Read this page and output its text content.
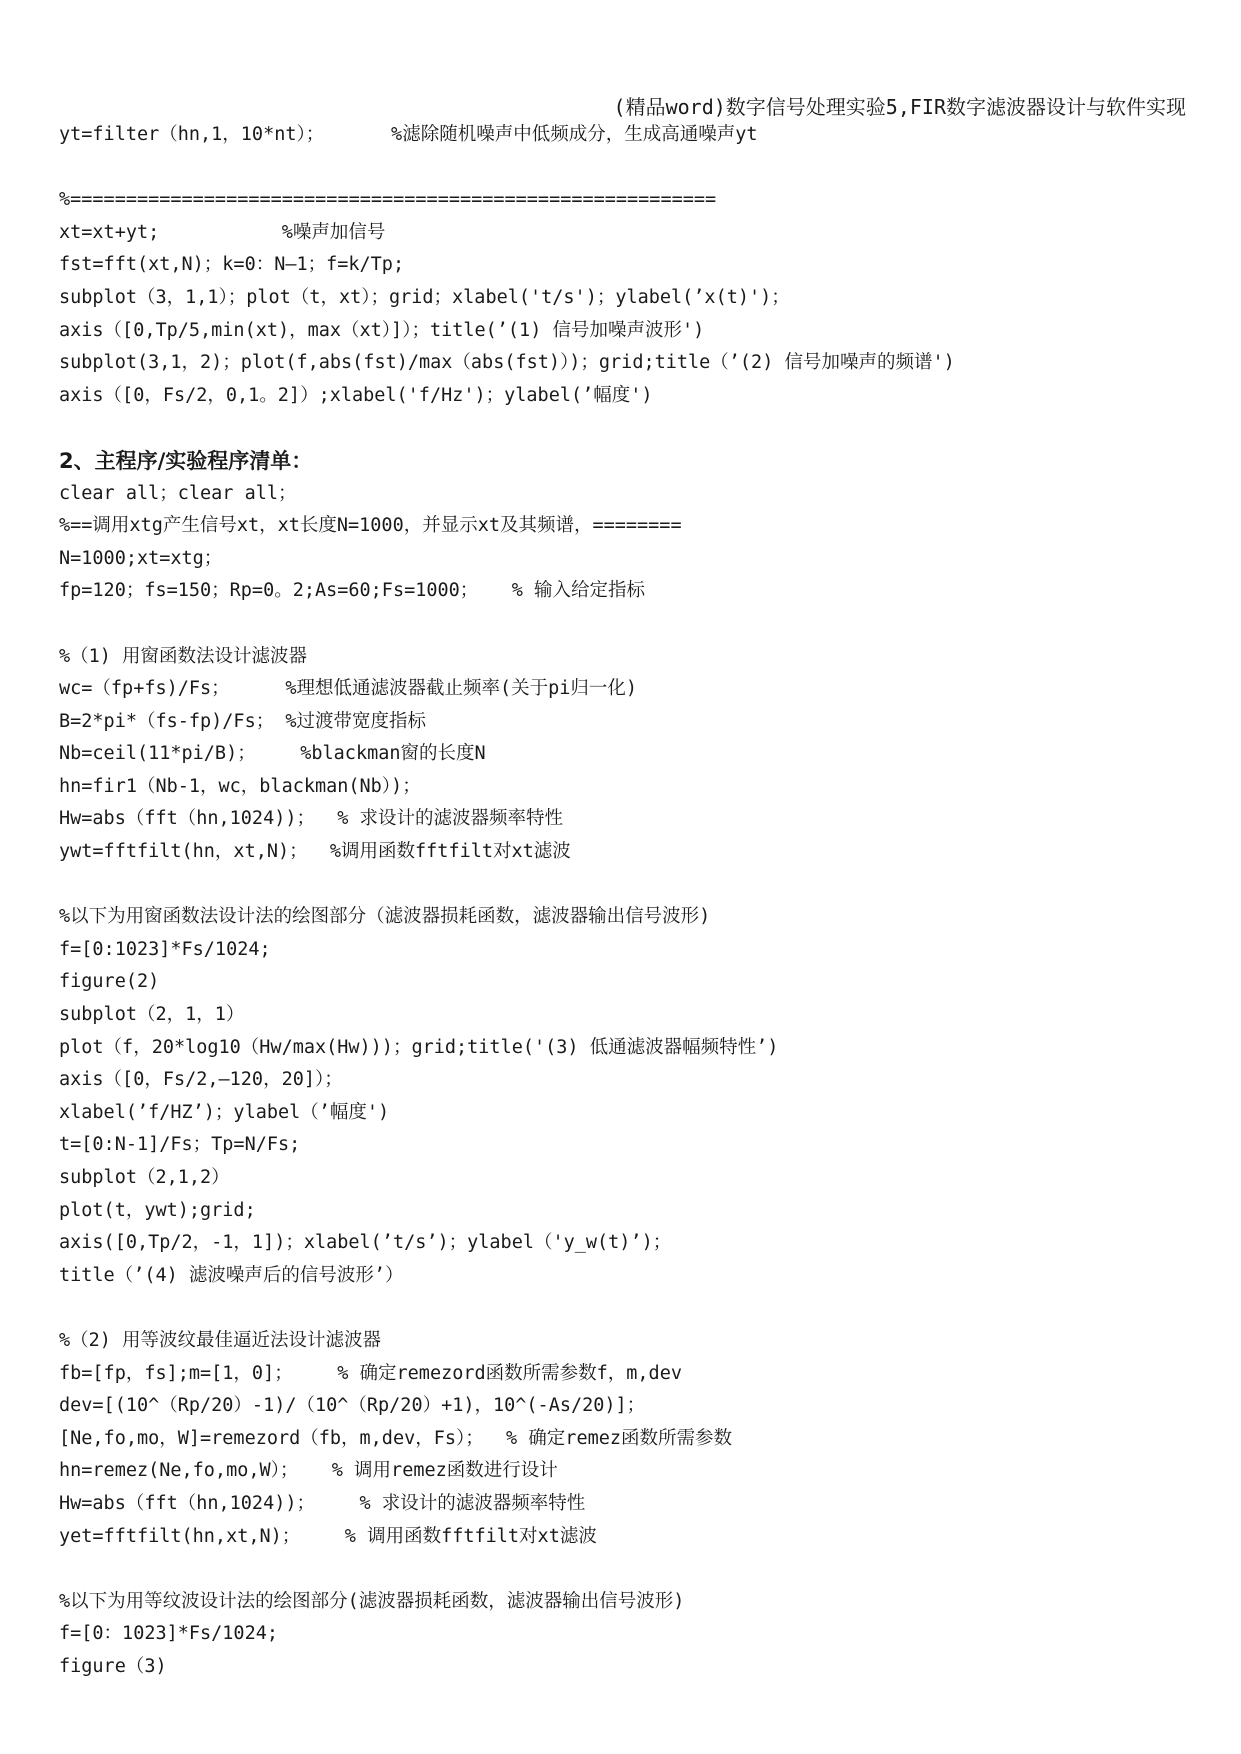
(精品word)数字信号处理实验5,FIR数字滤波器设计与软件实现
yt=filter（hn,1，10*nt）；      %滤除随机噪声中低频成分，生成高通噪声yt
%==========================================================
xt=xt+yt;           %噪声加信号
fst=fft(xt,N)；k=0：N—1；f=k/Tp;
subplot（3，1,1）；plot（t，xt）；grid；xlabel('t/s')；ylabel(’x(t)')；
axis（[0,Tp/5,min(xt)，max（xt）]）；title(’(1) 信号加噪声波形')
subplot(3,1，2)；plot(f,abs(fst)/max（abs(fst)）)；grid;title（’(2) 信号加噪声的频谱')
axis（[0，Fs/2，0,1。2]）;xlabel('f/Hz')；ylabel(’幅度')
2、主程序/实验程序清单：
clear all；clear all；
%==调用xtg产生信号xt，xt长度N=1000，并显示xt及其频谱，========
N=1000;xt=xtg；
fp=120；fs=150；Rp=0。2;As=60;Fs=1000；   % 输入给定指标
%（1) 用窗函数法设计滤波器
wc=（fp+fs)/Fs；     %理想低通滤波器截止频率(关于pi归一化)
B=2*pi*（fs-fp)/Fs； %过渡带宽度指标
Nb=ceil(11*pi/B)；    %blackman窗的长度N
hn=fir1（Nb-1，wc，blackman(Nb）)；
Hw=abs（fft（hn,1024))；  % 求设计的滤波器频率特性
ywt=fftfilt(hn，xt,N)；  %调用函数fftfilt对xt滤波
%以下为用窗函数法设计法的绘图部分（滤波器损耗函数，滤波器输出信号波形)
f=[0:1023]*Fs/1024;
figure(2)
subplot（2，1，1）
plot（f，20*log10（Hw/max(Hw)))；grid;title('(3) 低通滤波器幅频特性’)
axis（[0，Fs/2,—120，20]）；
xlabel(’f/HZ’)；ylabel（’幅度')
t=[0:N-1]/Fs；Tp=N/Fs;
subplot（2,1,2）
plot(t，ywt);grid;
axis([0,Tp/2，-1，1])；xlabel(’t/s’)；ylabel（'y_w(t)’)；
title（’(4) 滤波噪声后的信号波形’）
%（2) 用等波纹最佳逼近法设计滤波器
fb=[fp，fs];m=[1，0]；    % 确定remezord函数所需参数f，m,dev
dev=[(10^（Rp/20）-1)/（10^（Rp/20）+1)，10^(-As/20)]；
[Ne,fo,mo，W]=remezord（fb，m,dev，Fs）；  % 确定remez函数所需参数
hn=remez(Ne,fo,mo,W）；   % 调用remez函数进行设计
Hw=abs（fft（hn,1024))；    % 求设计的滤波器频率特性
yet=fftfilt(hn,xt,N)；    % 调用函数fftfilt对xt滤波
%以下为用等纹波设计法的绘图部分(滤波器损耗函数，滤波器输出信号波形)
f=[0：1023]*Fs/1024;
figure（3)
